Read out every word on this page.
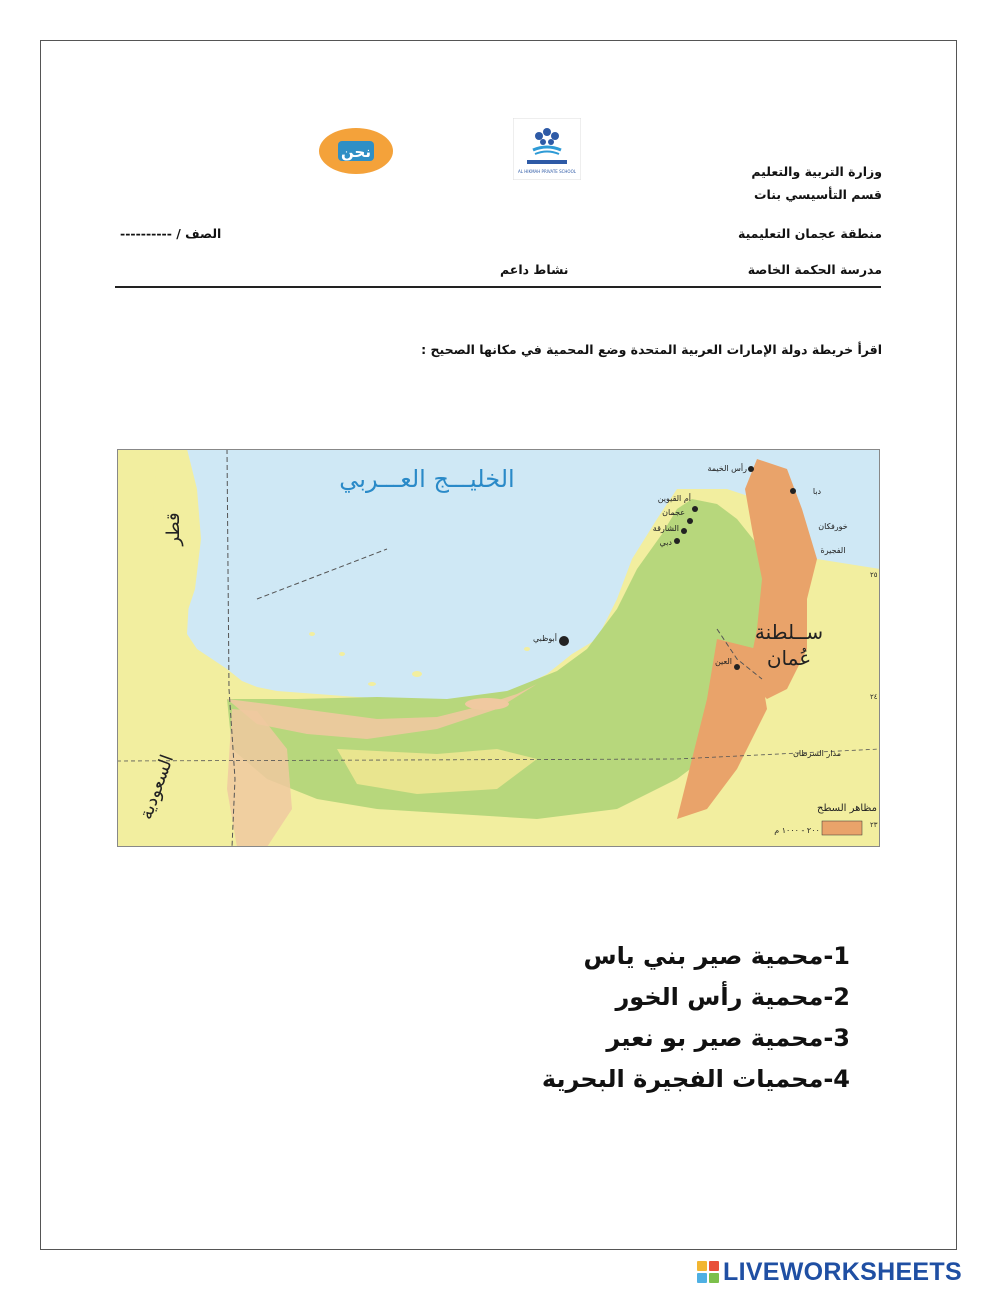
نحن
AL HIKMAH PRIVATE SCHOOL	وزارة التربية والتعليم
قسم التأسيسي بنات
منطقة عجمان التعليمية
الصف / ----------
مدرسة الحكمة الخاصة
نشاط داعم
اقرأ خريطة دولة الإمارات العربية المتحدة وضع المحمية في مكانها الصحيح :
الخليـــج العـــربي
ســلطنة
عُمان
قطر
السعودية	مدار السرطان
رأس الخيمة
أم القيوين
عجمان
الشارقة
دبي
أبوظبي
العين
دبا
خورفكان
الفجيرة
٢٥
٢٤
٢٣
مظاهر السطح
٢٠٠ - ١٠٠٠ م
1-محمية صير بني ياس
2-محمية رأس الخور
3-محمية صير بو نعير
4-محميات الفجيرة البحرية
LIVEWORKSHEETS
